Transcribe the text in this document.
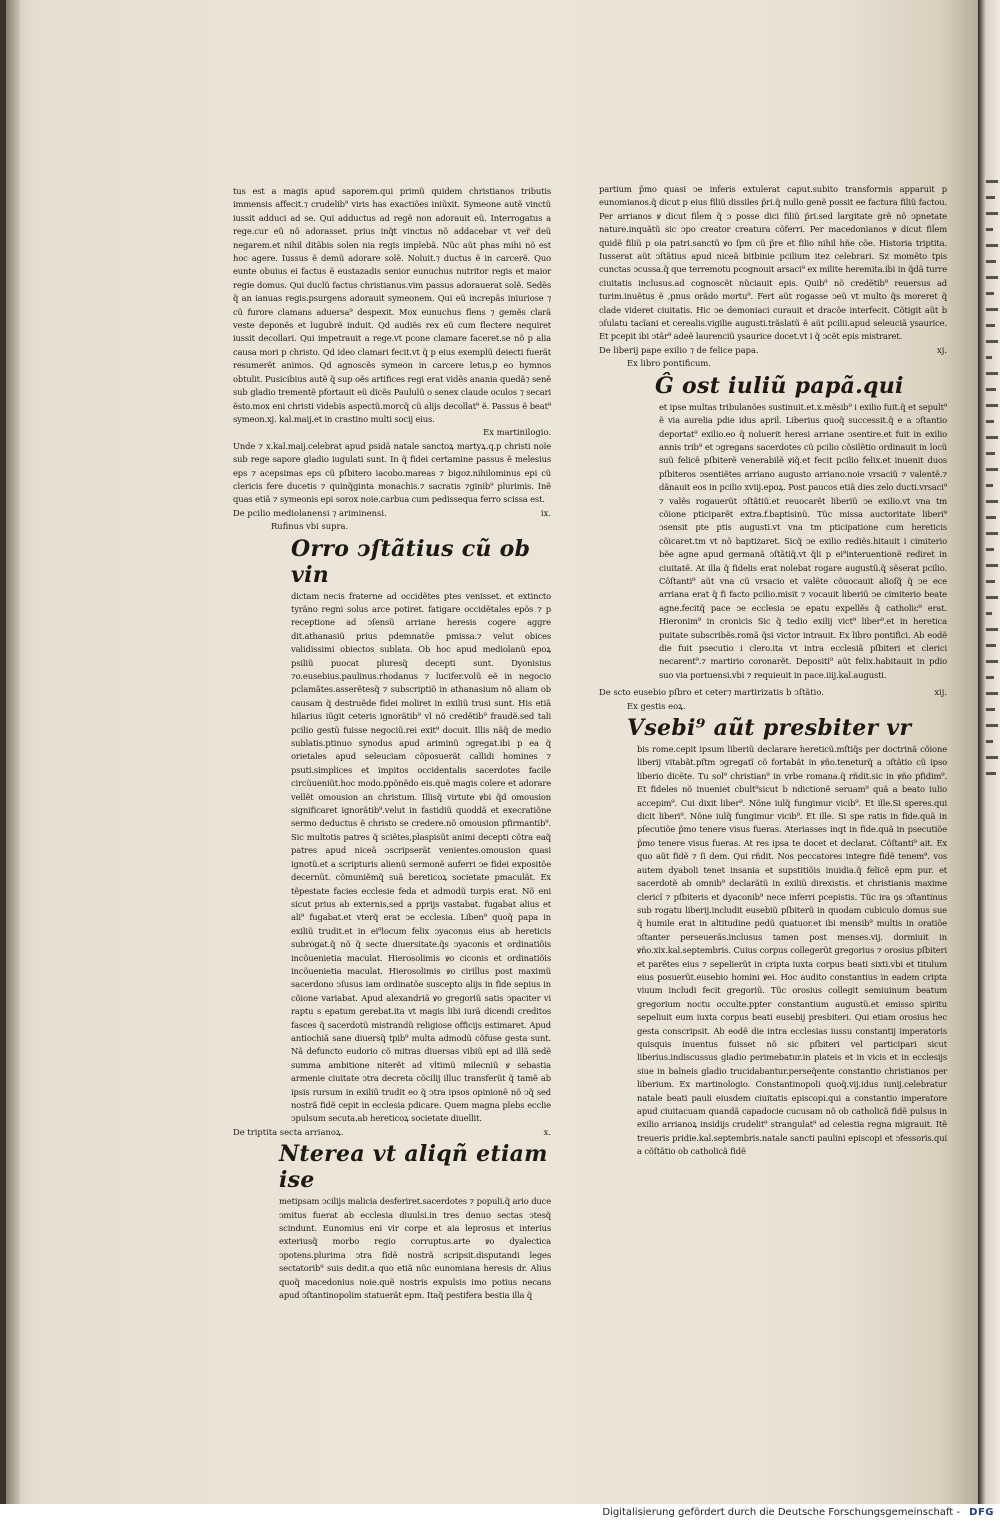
tus est a magis apud saporem.qui primũ quidem christianos tributis immensis affecit.⁊ crudelib⁹ viris has exactiões iniũxit. Symeone autẽ vinctũ iussit adduci ad se. Qui adductus ad regẽ non adorauit eũ. Interrogatus a rege.cur eũ nõ adorasset. prius inq̃t vinctus nõ addacebar vt ver̃ deũ negarem.et nihil ditãbis solen nia regis implebã. Nũc aũt phas mihi nõ est hoc agere. Iussus ẽ demũ adorare solẽ. Noluit.⁊ ductus ẽ in carcerẽ. Quo eunte obuius ei factus ẽ eustazadis senior eunuchus nutritor regis et maior regie domus. Qui duclũ factus christianus.vim passus adorauerat solẽ. Sedẽs q̃ an ianuas regis.psurgens adorauit symeonem. Qui eũ increpãs iniuriose ⁊ cũ furore clamans aduersa⁹ despexit. Mox eunuchus flens ⁊ gemẽs clarã veste deponẽs et lugubrẽ induit. Qd audiẽs rex eũ cum flectere nequiret iussit decollari. Qui impetrauit a rege.vt pcone clamare faceret.se nõ p alia causa mori p christo. Qd ideo clamari fecit.vt q̃ p eius exemplũ deiecti fuerãt resumerẽt animos. Qd agnoscẽs symeon in carcere letus,p eo hymnos obtulit. Pusicibius autẽ q̃ sup oẽs artifices regi erat vidẽs anania quedã⁊ senẽ sub gladio trementẽ pfortauit eũ dicẽs Paululũ o senex claude oculos ⁊ secari ẽsto.mox eni christi videbis aspectũ.morcq̃ cũ alijs decollat⁹ ẽ. Passus ẽ beat⁹ symeon.xj. kal.maij.et in crastino multi socij eius.

Ex martinilogio.

Unde ⁊ x.kal.maij.celebrat apud psidã natale sanctoꝝ martyꝝ.q.p christi noĩe sub rege sapore gladio iugulati sunt. In q̃ fidei certamine passus ẽ melesius eps ⁊ acepsimas eps cũ pſbitero iacobo.mareas ⁊ bigoz.nihilominus epi cũ clericis fere ducetis ⁊ quinq̃ginta monachis.⁊ sacratis ⁊ginib⁹ plurimis. Inẽ quas etiã ⁊ symeonis epi sorox noie.carbua cum pedissequa ferro scissa est.

De pcilio mediolanensi ⁊ ariminensi.	ix.

Rufinus vbi supra.

Orro ↄſtãtius cũ ob vin

dictam necis fraterne ad occidẽtes ptes venisset. et extincto tyrãno regni solus arce potiret. fatigare occidẽtales epõs ⁊ p receptione ad ↄſensũ arriane heresis cogere aggre dit.athanasiũ prius pdemnatõe pmissa.⁊ velut obices validissimi obiectos sublata. Ob hoc apud mediolanũ epoꝝ psiliũ puocat pluresq̃ decepti sunt. Dyonisius ⁊o.eusebius.paulinus.rhodanus ⁊ lucifer.volũ eẽ in negocio pclamãtes.asserẽtesq̃ ⁊ subscriptiõ in athanasium nõ aliam ob causam q̃ destruẽde fidei moliret in exiliũ trusi sunt. His etiã hilarius iũgit ceteris ignorãtib⁹ vl nõ credẽtib⁹ fraudẽ.sed tali pcilio gestũ fuisse negociũ.rei exit⁹ docuit. Illis nãq̃ de medio sublatis.ptinuo synodus apud ariminũ ↄgregat.ibi p ea q̃ orietales apud seleuciam cõposuerãt callidi homines ⁊ psuti.simplices et impitos occidentalis sacerdotes facile circũueniũt.hoc modo.ppõnẽdo eis.quẽ magis colere et adorare vellẽt omousion an christum. Illisq̃ virtute ꝟbi q̃d omousion significaret ignorãtib⁹.velut in fastidiũ quoddã et execratiõne sermo deductus ẽ christo se credere.nõ omousion pfirmantib⁹. Sic multotis patres q̃ sciẽtes,plaspisũt animi decepti cõtra eaq̃ patres apud niceã ↄscripserãt venientes.omousion quasi ignotũ.et a scripturis alienũ sermonẽ auferri ↄe fidei expositõe decernũt. cõmuniẽmq̃ suã bereticoꝝ societate pmaculãt. Ex tẽpestate facies ecclesie feda et admodũ turpis erat. Nõ eni sicut prius ab externis,sed a pprijs vastabat. fugabat alius et ali⁹ fugabat.et vterq̃ erat ↄe ecclesia. Liben⁹ quoq̃ papa in exiliũ trudit.et in ei⁹locum felix ↄyaconus eius ab hereticis subrogat.q̃ nõ q̃ secte diuersitate.q̃s ↄyaconis et ordinatiõis incõuenietia maculat. Hierosolimis ꝟo ciconis et ordinatiõis incõuenietia maculat. Hierosolimis ꝟo cirillus post maximũ sacerdono ↄſusus iam ordinatõe suscepto alijs in fide sepius in cõione variabat. Apud alexandriã ꝟo gregoriũ satis ↄpaciter vi raptu s epatum gerebat.ita vt magis libi iurã dicendi creditos fasces q̃ sacerdotũ mistrandũ religiose officijs estimaret. Apud antiochiã sane diuersq̃ tpib⁹ multa admodũ cõfuse gesta sunt. Nã defuncto eudorio cõ mitras diuersas vibiũ epi ad illã sedẽ summa ambitione niterẽt ad vltimũ milecniũ ꝟ sebastia armenie ciuitate ↄtra decreta cõcilij illuc transferũt q̃ tamẽ ab ipsis rursum in exiliũ trudit eo q̃ ↄtra ipsos opinionẽ nõ ↄq̃ sed nostrã fidẽ cepit in ecclesia pdicare. Quem magna plebs ecclie ↄpulsum secuta.ab hereticoꝝ societate diuellit.

De triptita secta arrianoꝝ.	x.
Nterea vt aliqñ etiam ise

metipsam ↄcilijs malicia desferiret.sacerdotes ⁊ populi.q̃ ario duce ↄmitus fuerat ab ecclesia diuulsi.in tres denuo sectas ↄtesq̃ scindunt. Eunomius eni vir corpe et aia leprosus et interius exteriusq̃ morbo regio corruptus.arte ꝟo dyalectica ↄpotens.plurima ↄtra fidẽ nostrã scripsit.disputandi leges sectatorib⁹ suis dedit.a quo etiã nũc eunomiana heresis dr. Alius quoq̃ macedonius noie.quẽ nostris expulsis imo potius necans apud ↄſtantinopolim statuerãt epm. Itaq̃ pestifera bestia illa q̃

partium p̃mo quasi ↄe inferis extulerat caput.subito transformis apparuit p eunomianos.q̃ dicut p eius filiũ dissiles p̃ri.q̃ nullo genẽ possit ee factura filiũ factou. Per arrianos ꝟ dicut fiĺem q̃ ↄ posse dici filiũ p̃ri.sed largitate grẽ nõ ↄpnetate nature.inquãtũ sic ↄpo creator creatura cõferri. Per macedonianos ꝟ dicut fiĺem quidẽ filiũ p oia patri.sanctũ ꝟo ſpm cũ p̃re et filio nihil hñe cõe. Historia triptita. Iusserat aũt ↄſtãtius apud niceã bitbinie pcilium itez celebrari. Sz momẽto tpis cunctas ↄcussa.q̃ que terremotu pcognouit arsaci⁹ ex milite heremita.ibi in q̃dã turre ciuitatis inclusus.ad cognoscẽt nũciauit epis. Quib⁹ nõ credẽtib⁹ reuersus ad turim.inuẽtus ẽ ,pnus orãdo mortu⁹. Fert aũt rogasse ↄeũ vt multo q̃s moreret q̃ clade videret ciuitatis. Hic ↄe demoniaci curauit et dracõe interfecit. Cõtigit aũt b ↄſulatu tacĩani et cerealis.vigilie augusti.trãslatũ ẽ aũt pcilii.apud seleuciã ysaurice. Et pcepit ibi ↄtãr⁹ adeẽ laurenciũ ysaurice docet.vt i q̃ ↄcẽt epis mistraret.

De liberij pape exilio ⁊ de felice papa.	xj.

Ex libro pontificum.

Ĝ ost iuliũ papã.qui

et ipse multas tribulanões sustinuit.et.x.mẽsib⁹ i exilio fuit.q̃ et sepult⁹ ẽ via aurelia pdie idus april. Liberius quoq̃ successit.q̃ e a ↄſtantio deportat⁹ exilio.eo q̃ noluerit heresi arriane ↄsentire.et fuit in exilio annis trib⁹ et ↄgregans sacerdotes cũ pcilio cõsilẽtio ordinauit in locũ suũ felicẽ pſbiterẽ venerabilẽ ꝟiq̃.et fecit pcilio felix.et inuenit duos pſbiteros ↄsentiẽtes arriano augusto arriano.noie vrsaciũ ⁊ valentẽ.⁊ dãnauit eos in pcilio xviij.epoꝝ. Post paucos etiã dies zelo ducti.vrsaci⁹ ⁊ valẽs rogauerũt ↄſtãtiũ.et reuocarẽt liberiũ ↄe exilio.vt vna tm cõione pticiparẽt extra.f.baptisinũ. Tũc missa auctoritate liberi⁹ ↄsensit pte ptis augusti.vt vna tm pticipatione cum hereticis cõicaret.tm vt nõ baptizaret. Sicq̃ ↄe exilio rediẽs.hitauit i cimiterio bẽe agne apud germanã ↄſtãtiq̃.vt q̃li p ei⁹interuentionẽ rediret in ciuitatẽ. At illa q̃ fidelis erat nolebat rogare augustũ.q̃ sẽserat pcilio. Cõſtanti⁹ aũt vna cũ vrsacio et valẽte cõuocauit alioſq̃ q̃ ↄe ece arriana erat q̃ fi facto pcilio.misit ⁊ vocauit liberiũ ↄe cimiterio beate agne.fecitq̃ pace ↄe ecclesia ↄe epatu expellẽs q̃ catholic⁹ erat. Hieronim⁹ in cronicis Sic q̃ tedio exilij vict⁹ liber⁹.et in heretica puitate subscribẽs.romã q̃si victor intrauit. Ex libro pontifici. Ab eodẽ die fuit psecutio i clero.ita vt intra ecclesiã pſbiteri et clerici necarent⁹.⁊ martirio coronarẽt. Depositi⁹ aũt felix.habitauit in pdio suo via portuensi.vbi ⁊ requieuit in pace.iiij.kal.augusti.

De scto eusebio pſbro et ceter⁊ martirizatis b ↄſtãtio.	xij.

Ex gestis eoꝝ.

Vsebi⁹ aũt presbiter vr

bis rome.cepit ipsum liberiũ declarare hereticũ.mſtiq̃s per doctrinã cõione liberij vitabãt.pſtm ↄgregatĩ cõ fortabãt in ꝟño.teneturq̃ a ↄſtãtio cũ ipso liberio dicẽte. Tu sol⁹ christian⁹ in vrbe romana.q̃ rñdit.sic in ꝟño pfidim⁹. Et fideles nõ inueniet cbult⁹sicut b ndictionẽ seruam⁹ quã a beato iulio accepim⁹. Cui dixit liber⁹. Nõne iulq̃ fungimur vicib⁹. Et ille.Si speres.qui dicit liberi⁹. Nõne iulq̃ fungimur vicib⁹. Et ille. Si spe ratis in fide.quã in pſecutiõe p̃mo tenere visus fueras. Ateriasses inqt in fide.quã in psecutiõe p̃mo tenere visus fueras. At res ipsa te docet et declarat. Cõſtanti⁹ ait. Ex quo aũt fidẽ ⁊ ſi dem. Qui rñdit. Nos peccatores integre fidẽ tenem⁹. vos autem dyaboli tenet insania et supstitiõis inuidia.q̃ felicẽ epm pur. et sacerdotẽ ab omnib⁹ declarãtũ in exiliũ direxistis. et christianis maxime clericĩ ⁊ pſbiteris et dyaconib⁹ nece inferri pcepistis. Tũc ira ꝯs ↄſtantinus sub rogatu liberij.includit eusebiũ pſbiterũ in quodam cubiculo domus sue q̃ humile erat in altitudine pedũ quatuor.et ibi mensib⁹ multis in oratiõe ↄſtanter perseuerãs.inclusus tamen post menses.vij. dormiuit in ꝟño.xix.kal.septembris. Cuius corpus collegerũt gregorius ⁊ orosius pſbiteri et parẽtes eius ⁊ sepelierũt in cripta iuxta corpus beati sixti.vbi et titulum eius posuerũt.eusebio homini ꝟei. Hoc audito constantius in eadem cripta viuum includi fecit gregoriũ. Tũc orosius collegit semiuinum beatum gregorium noctu occulte.ppter constantium augustũ.et emisso spiritu sepeliuit eum iuxta corpus beati eusebij presbiteri. Qui etiam orosius hec gesta conscripsit. Ab eodẽ die intra ecclesias iussu constantij imperatoris quisquis inuentus fuisset nõ sic pſbiteri vel participari sicut liberius.indiscussus gladio perimebatur.in plateis et in vicis et in ecclesijs siue in balneis gladio trucidabantur.perseq̃ente constantio christianos per liberium. Ex martinologio. Constantinopoli quoq̃.vij.idus iunij.celebratur natale beati pauli eiusdem ciuitatis episcopi.qui a constantio imperatore apud ciuitacuam quandã capadocie cucusam nõ ob catholicã fidẽ pulsus in exilio arrianoꝝ insidijs crudelit⁹ strangulat⁹ ad celestia regna migrauit. Itẽ treueris pridie.kal.septembris.natale sancti paulini episcopi et ↄfessoris.qui a cõſtãtio ob catholicã fidẽ

Digitalisierung gefördert durch die Deutsche Forschungsgemeinschaft - DFG
